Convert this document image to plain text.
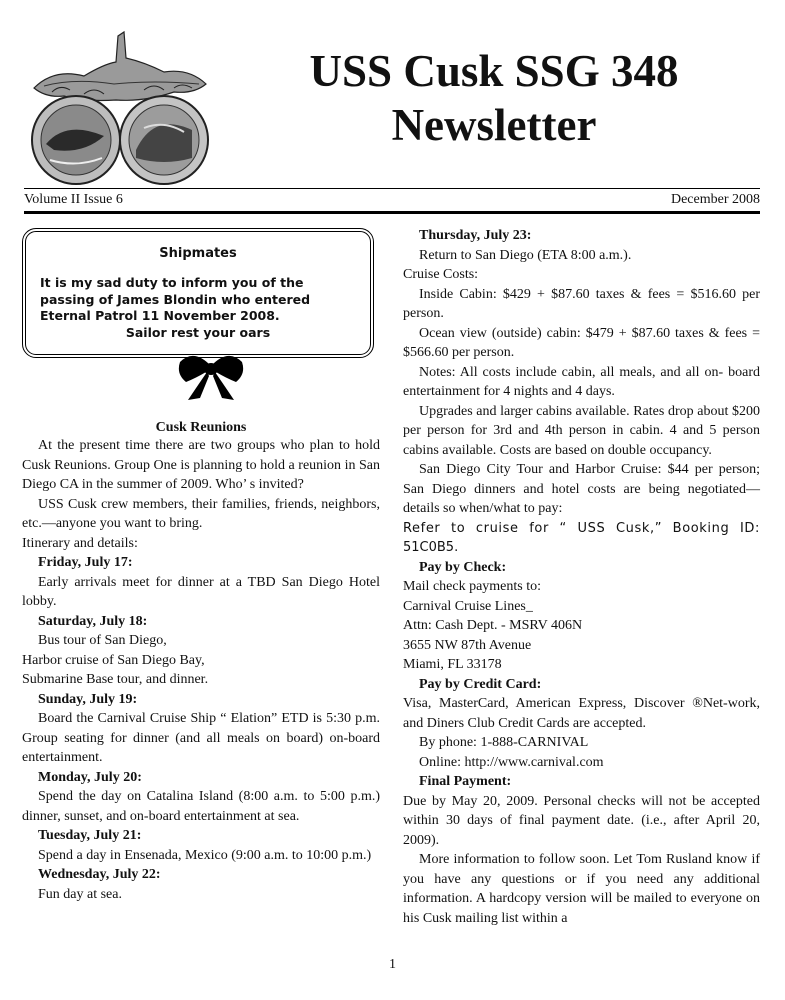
USS Cusk SSG 348
Newsletter
Volume II Issue 6	December 2008
Shipmates
It is my sad duty to inform you of the passing of James Blondin who entered Eternal Patrol 11 November 2008.
Sailor rest your oars
Cusk Reunions

At the present time there are two groups who plan to hold Cusk Reunions. Group One is planning to hold a reunion in San Diego CA in the summer of 2009. Who’ s invited?

USS Cusk crew members, their families, friends, neighbors, etc.—anyone you want to bring.

Itinerary and details:

Friday, July 17:

Early arrivals meet for dinner at a TBD San Diego Hotel lobby.

Saturday, July 18:

Bus tour of San Diego,

Harbor cruise of San Diego Bay,

Submarine Base tour, and dinner.

Sunday, July 19:

Board the Carnival Cruise Ship “ Elation” ETD is 5:30 p.m. Group seating for dinner (and all meals on board) on-board entertainment.

Monday, July 20:

Spend the day on Catalina Island (8:00 a.m. to 5:00 p.m.) dinner, sunset, and on-board entertainment at sea.

Tuesday, July 21:

Spend a day in Ensenada, Mexico (9:00 a.m. to 10:00 p.m.)

Wednesday, July 22:

Fun day at sea.

Thursday, July 23:

Return to San Diego (ETA 8:00 a.m.).

Cruise Costs:

Inside Cabin: $429 + $87.60 taxes & fees = $516.60 per person.

Ocean view (outside) cabin: $479 + $87.60 taxes & fees = $566.60 per person.

Notes: All costs include cabin, all meals, and all on- board entertainment for 4 nights and 4 days.

Upgrades and larger cabins available. Rates drop about $200 per person for 3rd and 4th person in cabin. 4 and 5 person cabins available. Costs are based on double occupancy.

San Diego City Tour and Harbor Cruise: $44 per person; San Diego dinners and hotel costs are being negotiated—details so when/what to pay:

Refer to cruise for “ USS Cusk,” Booking ID:

51C0B5.

Pay by Check:

Mail check payments to:

Carnival Cruise Lines_

Attn: Cash Dept. - MSRV 406N

3655 NW 87th Avenue

Miami, FL 33178

Pay by Credit Card:

Visa, MasterCard, American Express, Discover ®Net-work, and Diners Club Credit Cards are accepted.

By phone: 1-888-CARNIVAL

Online: http://www.carnival.com

Final Payment:

Due by May 20, 2009. Personal checks will not be accepted within 30 days of final payment date. (i.e., after April 20, 2009).

More information to follow soon. Let Tom Rusland know if you have any questions or if you need any additional information. A hardcopy version will be mailed to everyone on his Cusk mailing list within a

1
